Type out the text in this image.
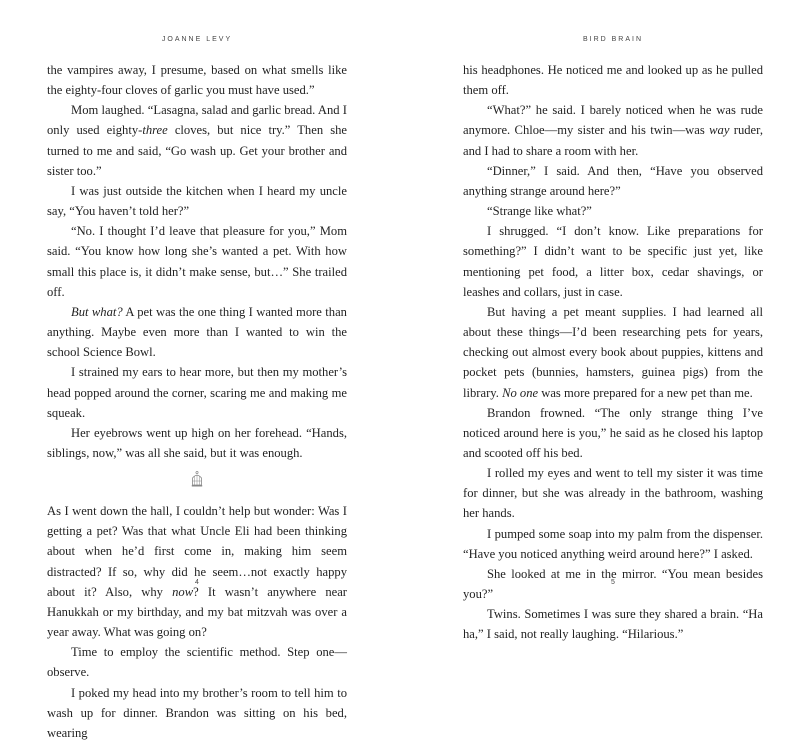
JOANNE LEVY

the vampires away, I presume, based on what smells like the eighty-four cloves of garlic you must have used.”

Mom laughed. “Lasagna, salad and garlic bread. And I only used eighty-three cloves, but nice try.” Then she turned to me and said, “Go wash up. Get your brother and sister too.”

I was just outside the kitchen when I heard my uncle say, “You haven’t told her?”

“No. I thought I’d leave that pleasure for you,” Mom said. “You know how long she’s wanted a pet. With how small this place is, it didn’t make sense, but…” She trailed off.

But what? A pet was the one thing I wanted more than anything. Maybe even more than I wanted to win the school Science Bowl.

I strained my ears to hear more, but then my mother’s head popped around the corner, scaring me and making me squeak.

Her eyebrows went up high on her forehead. “Hands, siblings, now,” was all she said, but it was enough.

As I went down the hall, I couldn’t help but wonder: Was I getting a pet? Was that what Uncle Eli had been thinking about when he’d first come in, making him seem distracted? If so, why did he seem…not exactly happy about it? Also, why now? It wasn’t anywhere near Hanukkah or my birthday, and my bat mitzvah was over a year away. What was going on?

Time to employ the scientific method. Step one—observe.

I poked my head into my brother’s room to tell him to wash up for dinner. Brandon was sitting on his bed, wearing

4
BIRD BRAIN

his headphones. He noticed me and looked up as he pulled them off.

“What?” he said. I barely noticed when he was rude anymore. Chloe—my sister and his twin—was way ruder, and I had to share a room with her.

“Dinner,” I said. And then, “Have you observed anything strange around here?”

“Strange like what?”

I shrugged. “I don’t know. Like preparations for something?” I didn’t want to be specific just yet, like mentioning pet food, a litter box, cedar shavings, or leashes and collars, just in case.

But having a pet meant supplies. I had learned all about these things—I’d been researching pets for years, checking out almost every book about puppies, kittens and pocket pets (bunnies, hamsters, guinea pigs) from the library. No one was more prepared for a new pet than me.

Brandon frowned. “The only strange thing I’ve noticed around here is you,” he said as he closed his laptop and scooted off his bed.

I rolled my eyes and went to tell my sister it was time for dinner, but she was already in the bathroom, washing her hands.

I pumped some soap into my palm from the dispenser. “Have you noticed anything weird around here?” I asked.

She looked at me in the mirror. “You mean besides you?”

Twins. Sometimes I was sure they shared a brain. “Ha ha,” I said, not really laughing. “Hilarious.”

5
